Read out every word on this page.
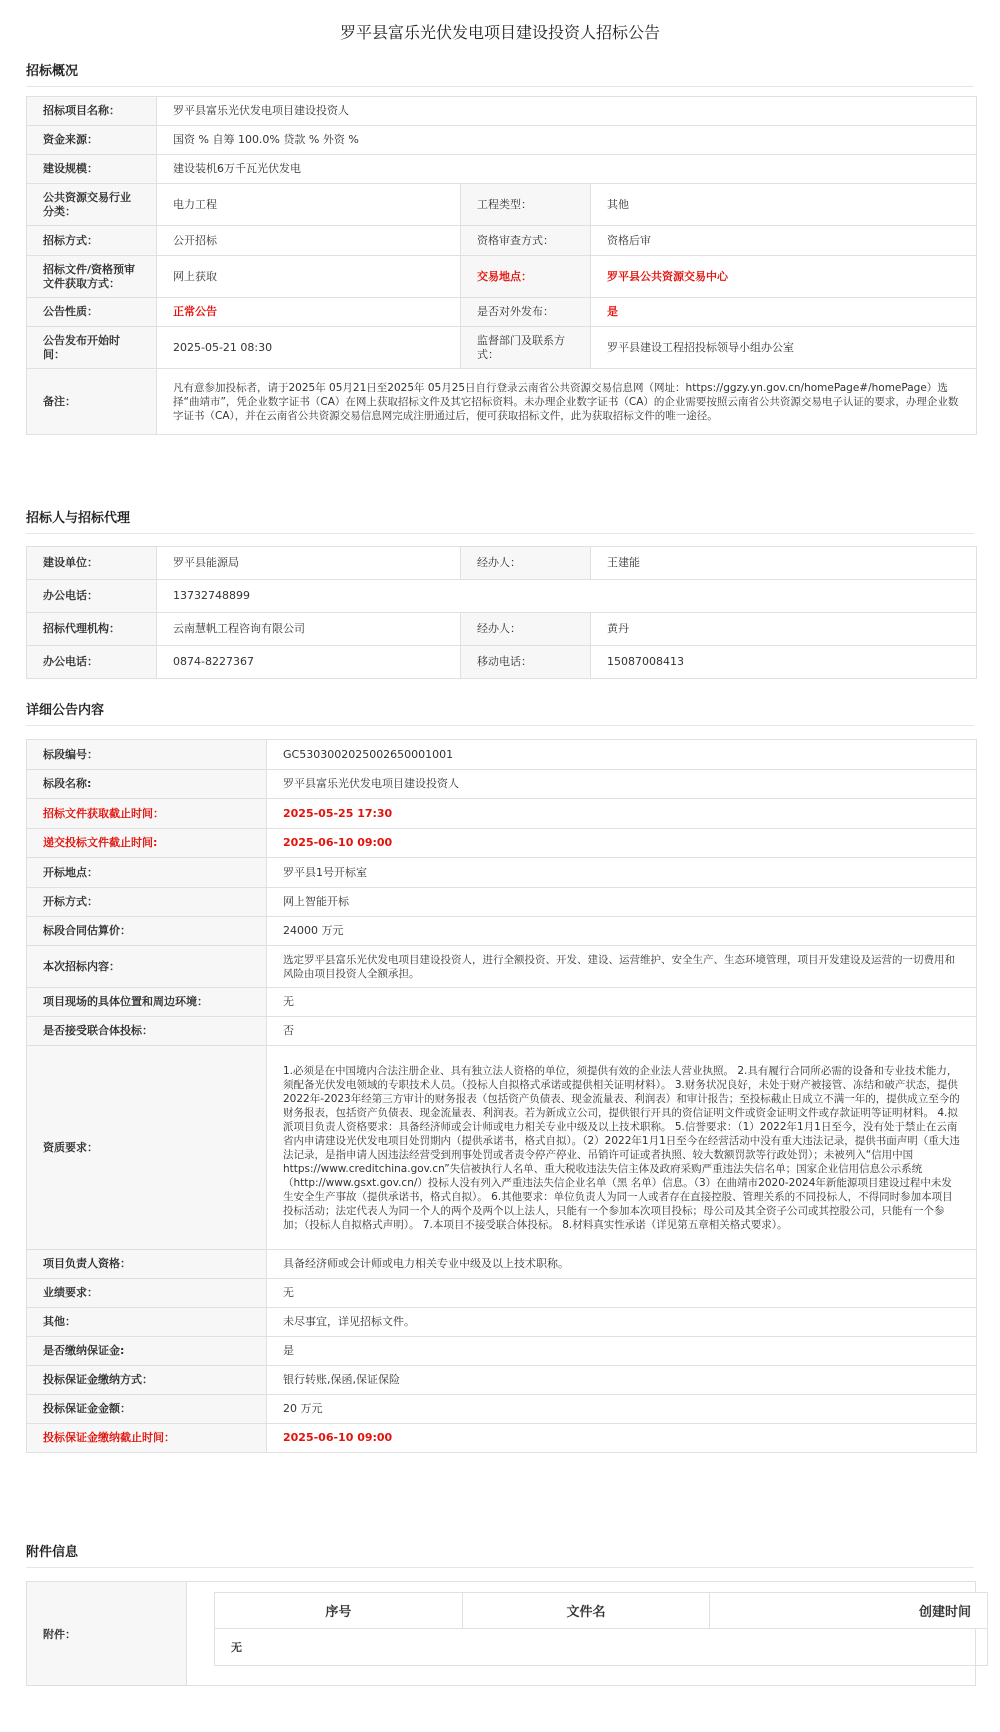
罗平县富乐光伏发电项目建设投资人招标公告
招标概况
招标项目名称：	罗平县富乐光伏发电项目建设投资人		
资金来源：	国资 % 自筹 100.0% 贷款 % 外资 %		
建设规模：	建设装机6万千瓦光伏发电		
公共资源交易行业分类：	电力工程	工程类型：	其他
招标方式：	公开招标	资格审查方式：	资格后审
招标文件/资格预审文件获取方式：	网上获取	交易地点：	罗平县公共资源交易中心
公告性质：	正常公告	是否对外发布：	是
公告发布开始时间：	2025-05-21 08:30	监督部门及联系方式：	罗平县建设工程招投标领导小组办公室
备注：	凡有意参加投标者，请于2025年 05月21日至2025年 05月25日自行登录云南省公共资源交易信息网（网址：https://ggzy.yn.gov.cn/homePage#/homePage）选择“曲靖市”，凭企业数字证书（CA）在网上获取招标文件及其它招标资料。未办理企业数字证书（CA）的企业需要按照云南省公共资源交易电子认证的要求，办理企业数字证书（CA），并在云南省公共资源交易信息网完成注册通过后，便可获取招标文件，此为获取招标文件的唯一途径。		
招标人与招标代理
建设单位：	罗平县能源局	经办人：	王建能
办公电话：	13732748899		
招标代理机构：	云南慧帆工程咨询有限公司	经办人：	黄丹
办公电话：	0874-8227367	移动电话：	15087008413
详细公告内容
标段编号：	GC5303002025002650001001
标段名称:	罗平县富乐光伏发电项目建设投资人
招标文件获取截止时间：	2025-05-25 17:30
递交投标文件截止时间:	2025-06-10 09:00
开标地点：	罗平县1号开标室
开标方式：	网上智能开标
标段合同估算价：	24000 万元
本次招标内容：	选定罗平县富乐光伏发电项目建设投资人，进行全额投资、开发、建设、运营维护、安全生产、生态环境管理，项目开发建设及运营的一切费用和风险由项目投资人全额承担。
项目现场的具体位置和周边环境：	无
是否接受联合体投标：	否
资质要求：	1.必须是在中国境内合法注册企业、具有独立法人资格的单位，须提供有效的企业法人营业执照。 2.具有履行合同所必需的设备和专业技术能力，须配备光伏发电领域的专职技术人员。（投标人自拟格式承诺或提供相关证明材料）。 3.财务状况良好，未处于财产被接管、冻结和破产状态，提供2022年-2023年经第三方审计的财务报表（包括资产负债表、现金流量表、利润表）和审计报告；至投标截止日成立不满一年的，提供成立至今的财务报表，包括资产负债表、现金流量表、利润表。若为新成立公司，提供银行开具的资信证明文件或资金证明文件或存款证明等证明材料。 4.拟派项目负责人资格要求：具备经济师或会计师或电力相关专业中级及以上技术职称。 5.信誉要求：（1）2022年1月1日至今，没有处于禁止在云南省内申请建设光伏发电项目处罚期内（提供承诺书，格式自拟）。（2）2022年1月1日至今在经营活动中没有重大违法记录，提供书面声明（重大违法记录，是指申请人因违法经营受到刑事处罚或者责令停产停业、吊销许可证或者执照、较大数额罚款等行政处罚）；未被列入“信用中国https://www.creditchina.gov.cn”失信被执行人名单、重大税收违法失信主体及政府采购严重违法失信名单；国家企业信用信息公示系统（http://www.gsxt.gov.cn/）投标人没有列入严重违法失信企业名单（黑 名单）信息。（3）在曲靖市2020-2024年新能源项目建设过程中未发生安全生产事故（提供承诺书，格式自拟）。 6.其他要求：单位负责人为同一人或者存在直接控股、管理关系的不同投标人，不得同时参加本项目投标活动；法定代表人为同一个人的两个及两个以上法人，只能有一个参加本次项目投标；母公司及其全资子公司或其控股公司，只能有一个参加；（投标人自拟格式声明）。 7.本项目不接受联合体投标。 8.材料真实性承诺（详见第五章相关格式要求）。
项目负责人资格：	具备经济师或会计师或电力相关专业中级及以上技术职称。
业绩要求：	无
其他：	未尽事宜，详见招标文件。
是否缴纳保证金:	是
投标保证金缴纳方式：	银行转账,保函,保证保险
投标保证金金额：	20 万元
投标保证金缴纳截止时间：	2025-06-10 09:00
附件信息
附件：
序号	文件名	创建时间
无
